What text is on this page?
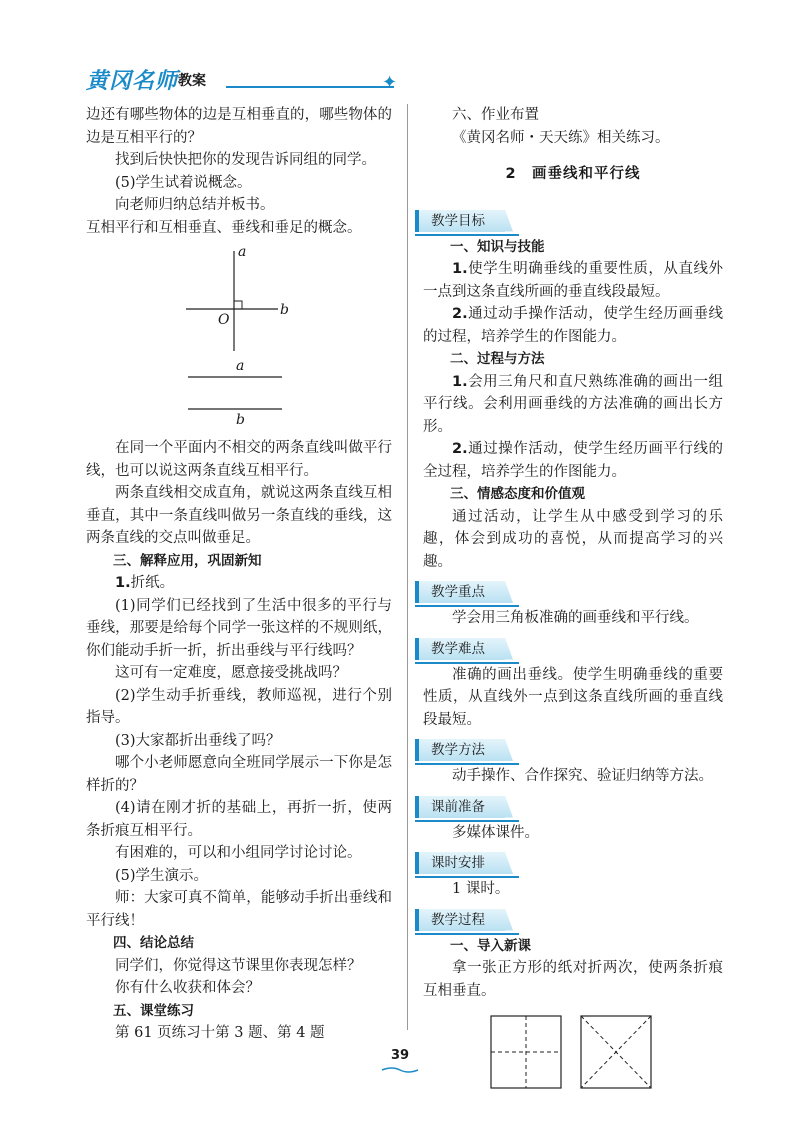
黄冈名师 教案	✦

边还有哪些物体的边是互相垂直的，哪些物体的边是互相平行的？

找到后快快把你的发现告诉同组的同学。

(5)学生试着说概念。

向老师归纳总结并板书。

互相平行和互相垂直、垂线和垂足的概念。

a
b
O
a
b

在同一个平面内不相交的两条直线叫做平行线，也可以说这两条直线互相平行。

两条直线相交成直角，就说这两条直线互相垂直，其中一条直线叫做另一条直线的垂线，这两条直线的交点叫做垂足。

三、解释应用，巩固新知

1.折纸。

(1)同学们已经找到了生活中很多的平行与垂线，那要是给每个同学一张这样的不规则纸，你们能动手折一折，折出垂线与平行线吗？

这可有一定难度，愿意接受挑战吗？

(2)学生动手折垂线，教师巡视，进行个别指导。

(3)大家都折出垂线了吗？

哪个小老师愿意向全班同学展示一下你是怎样折的？

(4)请在刚才折的基础上，再折一折，使两条折痕互相平行。

有困难的，可以和小组同学讨论讨论。

(5)学生演示。

师：大家可真不简单，能够动手折出垂线和平行线！

四、结论总结

同学们，你觉得这节课里你表现怎样？

你有什么收获和体会？

五、课堂练习

第 61 页练习十第 3 题、第 4 题

六、作业布置

《黄冈名师・天天练》相关练习。

2　画垂线和平行线
教学目标

一、知识与技能

1.使学生明确垂线的重要性质，从直线外一点到这条直线所画的垂直线段最短。

2.通过动手操作活动，使学生经历画垂线的过程，培养学生的作图能力。

二、过程与方法

1.会用三角尺和直尺熟练准确的画出一组平行线。会利用画垂线的方法准确的画出长方形。

2.通过操作活动，使学生经历画平行线的全过程，培养学生的作图能力。

三、情感态度和价值观

通过活动，让学生从中感受到学习的乐趣，体会到成功的喜悦，从而提高学习的兴趣。

教学重点

学会用三角板准确的画垂线和平行线。

教学难点

准确的画出垂线。使学生明确垂线的重要性质，从直线外一点到这条直线所画的垂直线段最短。

教学方法

动手操作、合作探究、验证归纳等方法。

课前准备

多媒体课件。

课时安排

1 课时。

教学过程

一、导入新课

拿一张正方形的纸对折两次，使两条折痕互相垂直。

39
